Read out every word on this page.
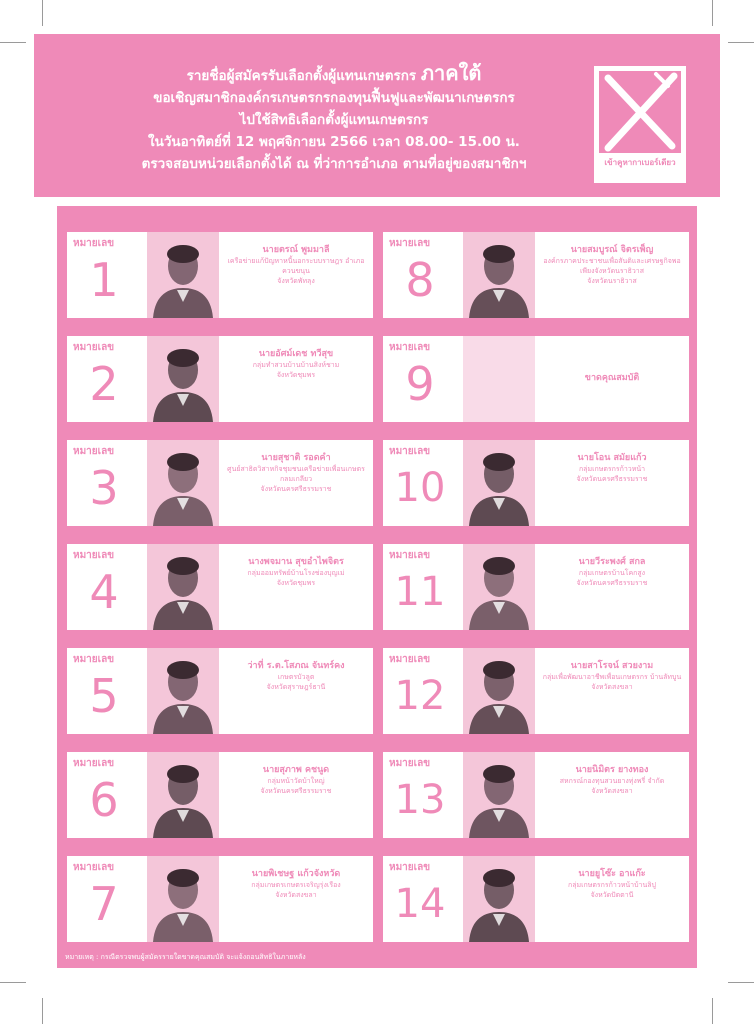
รายชื่อผู้สมัครรับเลือกตั้งผู้แทนเกษตรกร ภาคใต้
ขอเชิญสมาชิกองค์กรเกษตรกรกองทุนฟื้นฟูและพัฒนาเกษตรกร
ไปใช้สิทธิเลือกตั้งผู้แทนเกษตรกร
ในวันอาทิตย์ที่ 12 พฤศจิกายน 2566 เวลา 08.00- 15.00 น.
ตรวจสอบหน่วยเลือกตั้งได้ ณ ที่ว่าการอำเภอ ตามที่อยู่ของสมาชิกฯ	เข้าคูหากาเบอร์เดียว
หมายเลข
1
นายตรณ์ พูมมาลี
เครือข่ายแก้ปัญหาหนี้นอกระบบราษฎร อำเภอควนขนุน
จังหวัดพัทลุง
หมายเลข
2
นายอัศม์เดช ทวีสุข
กลุ่มทำสวนบ้านบ้านสิงห์ชาม
จังหวัดชุมพร
หมายเลข
3
นายสุชาติ รอดคำ
ศูนย์สาธิตวิสาหกิจชุมชนเครือข่ายเพื่อนเกษตรกลมเกลียว
จังหวัดนครศรีธรรมราช
หมายเลข
4
นางพจมาน สุขอำไพจิตร
กลุ่มออมทรัพย์บ้านโรงช่องบุญเม่
จังหวัดชุมพร
หมายเลข
5
ว่าที่ ร.ต.โสภณ จันทร์คง
เกษตรบัวลูต
จังหวัดสุราษฎร์ธานี
หมายเลข
6
นายสุภาพ คชนูด
กลุ่มหน้าวัดบ้าใหญ่
จังหวัดนครศรีธรรมราช
หมายเลข
7
นายพิเชษฐ แก้วจังหวัด
กลุ่มเกษตรเกษตรเจริญรุ่งเรือง
จังหวัดสงขลา
หมายเลข
8
นายสมบูรณ์ จิตรเพ็ญ
องค์กรภาคประชาชนเพื่อสันติและเศรษฐกิจพอเพียงจังหวัดนราธิวาส
จังหวัดนราธิวาส
หมายเลข
9	ขาดคุณสมบัติ
หมายเลข
10
นายโอน สมัยแก้ว
กลุ่มเกษตรกรก้าวหน้า
จังหวัดนครศรีธรรมราช
หมายเลข
11
นายวีระพงศ์ สกล
กลุ่มเกษตรบ้านโคกสูง
จังหวัดนครศรีธรรมราช
หมายเลข
12
นายสาโรจน์ สวยงาม
กลุ่มเพื่อพัฒนาอาชีพเพื่อนเกษตรกร บ้านลัทบูน
จังหวัดสงขลา
หมายเลข
13
นายนิมิตร ยางทอง
สหกรณ์กองทุนสวนยางทุ่งพรี่ จำกัด
จังหวัดสงขลา
หมายเลข
14
นายยูโซ๊ะ อาแก๊ะ
กลุ่มเกษตรกรก้าวหน้าบ้านลิปู
จังหวัดปัตตานี
หมายเหตุ : กรณีตรวจพบผู้สมัครรายใดขาดคุณสมบัติ จะแจ้งถอนสิทธิในภายหลัง
